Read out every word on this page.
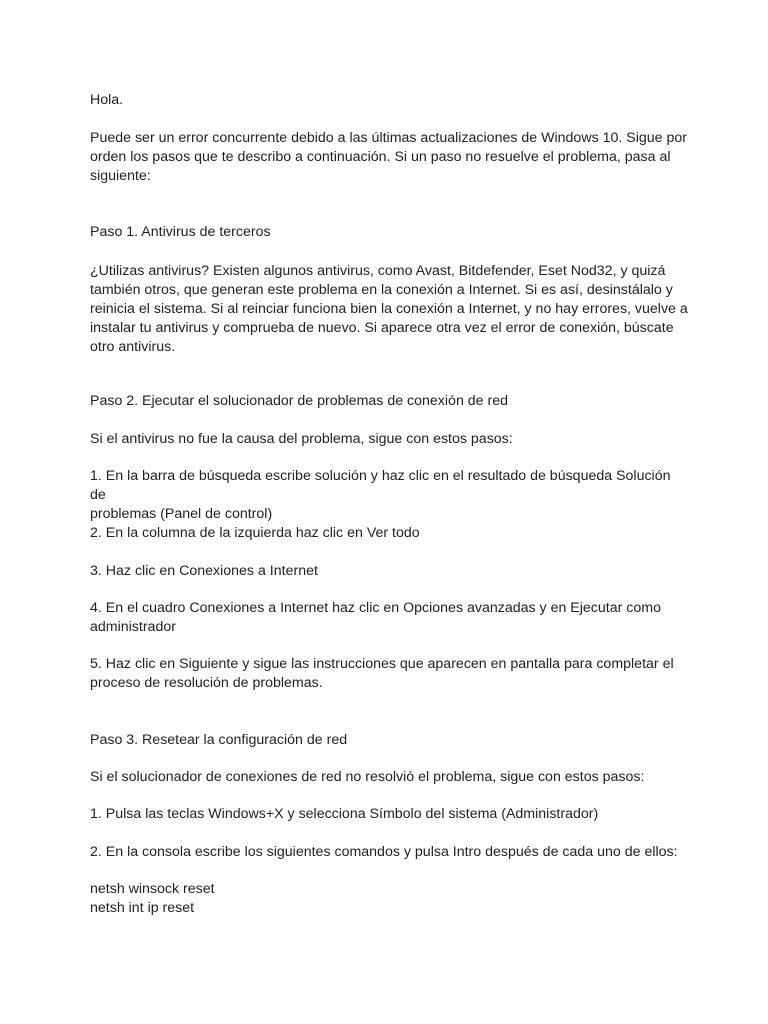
Hola.

Puede ser un error concurrente debido a las últimas actualizaciones de Windows 10. Sigue por
orden los pasos que te describo a continuación. Si un paso no resuelve el problema, pasa al
siguiente:

Paso 1. Antivirus de terceros

¿Utilizas antivirus? Existen algunos antivirus, como Avast, Bitdefender, Eset Nod32, y quizá
también otros, que generan este problema en la conexión a Internet. Si es así, desinstálalo y
reinicia el sistema. Si al reinciar funciona bien la conexión a Internet, y no hay errores, vuelve a
instalar tu antivirus y comprueba de nuevo. Si aparece otra vez el error de conexión, búscate
otro antivirus.

Paso 2. Ejecutar el solucionador de problemas de conexión de red

Si el antivirus no fue la causa del problema, sigue con estos pasos:

1. En la barra de búsqueda escribe solución y haz clic en el resultado de búsqueda Solución de
problemas (Panel de control)

2. En la columna de la izquierda haz clic en Ver todo

3. Haz clic en Conexiones a Internet

4. En el cuadro Conexiones a Internet haz clic en Opciones avanzadas y en Ejecutar como
administrador

5. Haz clic en Siguiente y sigue las instrucciones que aparecen en pantalla para completar el
proceso de resolución de problemas.

Paso 3. Resetear la configuración de red

Si el solucionador de conexiones de red no resolvió el problema, sigue con estos pasos:

1. Pulsa las teclas Windows+X y selecciona Símbolo del sistema (Administrador)

2. En la consola escribe los siguientes comandos y pulsa Intro después de cada uno de ellos:

netsh winsock reset
netsh int ip reset
